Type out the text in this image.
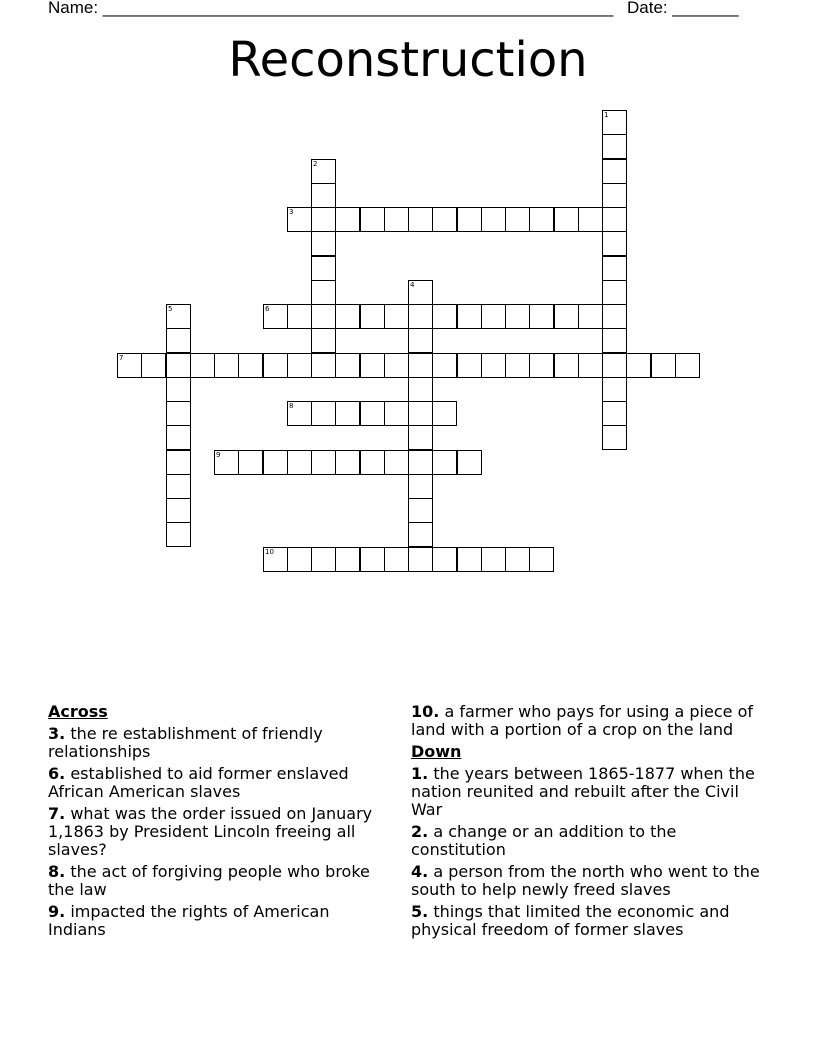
Name: ______________________________________________________ Date: _______
Reconstruction
1
2
3
4
5	6
7
8
9
10
Across
3. the re establishment of friendly relationships
6. established to aid former enslaved African American slaves
7. what was the order issued on January 1,1863 by President Lincoln freeing all slaves?
8. the act of forgiving people who broke the law
9. impacted the rights of American Indians
10. a farmer who pays for using a piece of land with a portion of a crop on the land
Down
1. the years between 1865-1877 when the nation reunited and rebuilt after the Civil War
2. a change or an addition to the constitution
4. a person from the north who went to the south to help newly freed slaves
5. things that limited the economic and physical freedom of former slaves
